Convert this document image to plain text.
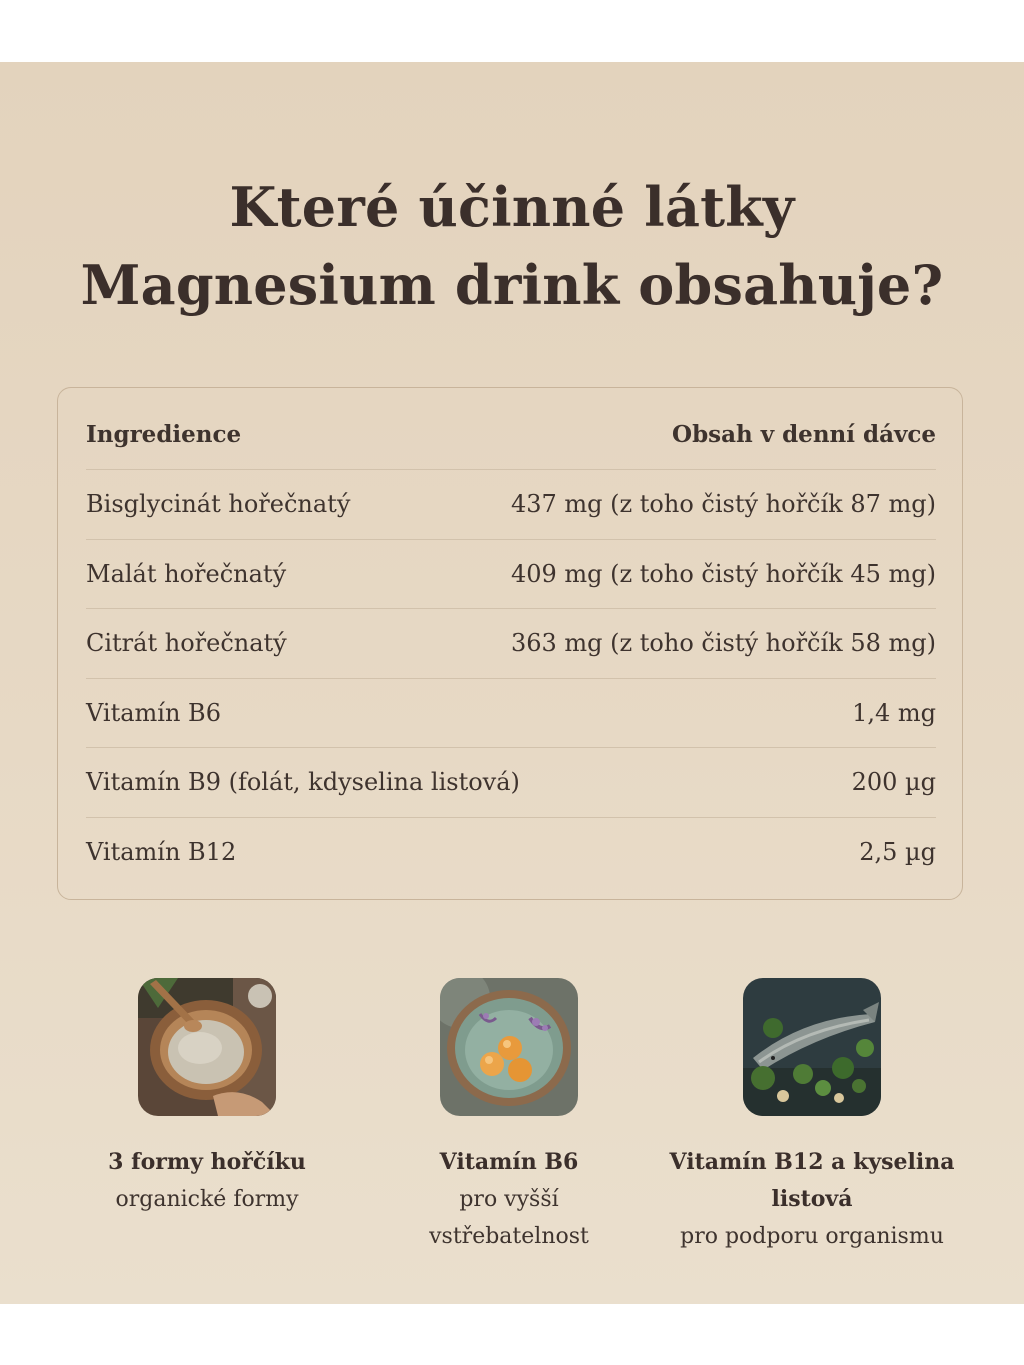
Které účinné látky
Magnesium drink obsahuje?
Ingredience	Obsah v denní dávce
Bisglycinát hořečnatý	437 mg (z toho čistý hořčík 87 mg)
Malát hořečnatý	409 mg (z toho čistý hořčík 45 mg)
Citrát hořečnatý	363 mg (z toho čistý hořčík 58 mg)
Vitamín B6	1,4 mg
Vitamín B9 (folát, kdyselina listová)	200 µg
Vitamín B12	2,5 µg
3 formy hořčíku
organické formy
Vitamín B6
pro vyšší
vstřebatelnost
Vitamín B12 a kyselina
listová
pro podporu organismu
